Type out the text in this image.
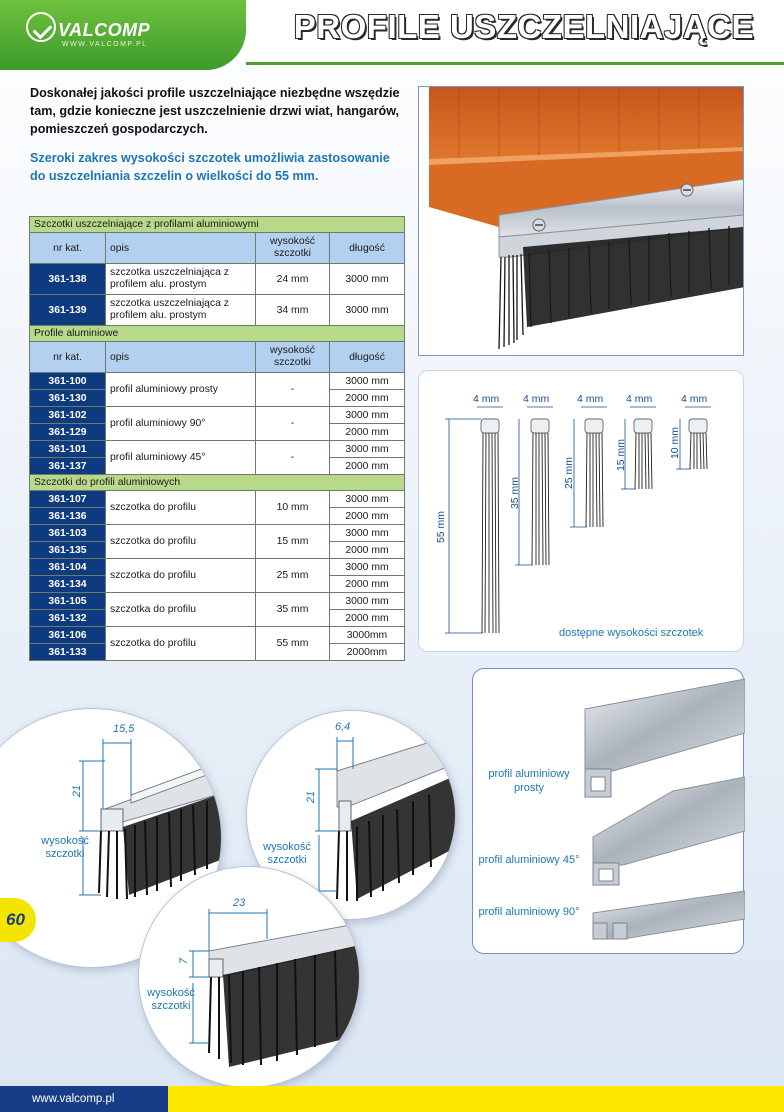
VALCOMP
WWW.VALCOMP.PL	PROFILE USZCZELNIAJĄCE
Doskonałej jakości profile uszczelniające niezbędne wszędzie tam, gdzie konieczne jest uszczelnienie drzwi wiat, hangarów, pomieszczeń gospodarczych.
Szeroki zakres wysokości szczotek umożliwia zastosowanie do uszczelniania szczelin o wielkości do 55 mm.
Szczotki uszczelniające z profilami aluminiowymi			
nr kat.	opis	wysokość szczotki	długość
361-138	szczotka uszczelniająca z profilem alu. prostym	24 mm	3000 mm
361-139	szczotka uszczelniająca z profilem alu. prostym	34 mm	3000 mm
Profile aluminiowe			
nr kat.	opis	wysokość szczotki	długość
361-100	profil aluminiowy prosty	-	3000 mm
361-130			2000 mm
361-102	profil aluminiowy 90°	-	3000 mm
361-129			2000 mm
361-101	profil aluminiowy 45°	-	3000 mm
361-137			2000 mm
Szczotki do profili aluminiowych			
361-107	szczotka do profilu	10 mm	3000 mm
361-136			2000 mm
361-103	szczotka do profilu	15 mm	3000 mm
361-135			2000 mm
361-104	szczotka do profilu	25 mm	3000 mm
361-134			2000 mm
361-105	szczotka do profilu	35 mm	3000 mm
361-132			2000 mm
361-106	szczotka do profilu	55 mm	3000mm
361-133			2000mm
4 mm 4 mm	4 mm 4 mm	4 mm
55 mm
35 mm
25 mm
15 mm	10 mm
dostępne wysokości szczotek
profil aluminiowy prosty
profil aluminiowy 45°
profil aluminiowy 90°
15,5
21
wysokość szczotki
6,4
21
wysokość szczotki
23
7
wysokość szczotki
60
www.valcomp.pl
